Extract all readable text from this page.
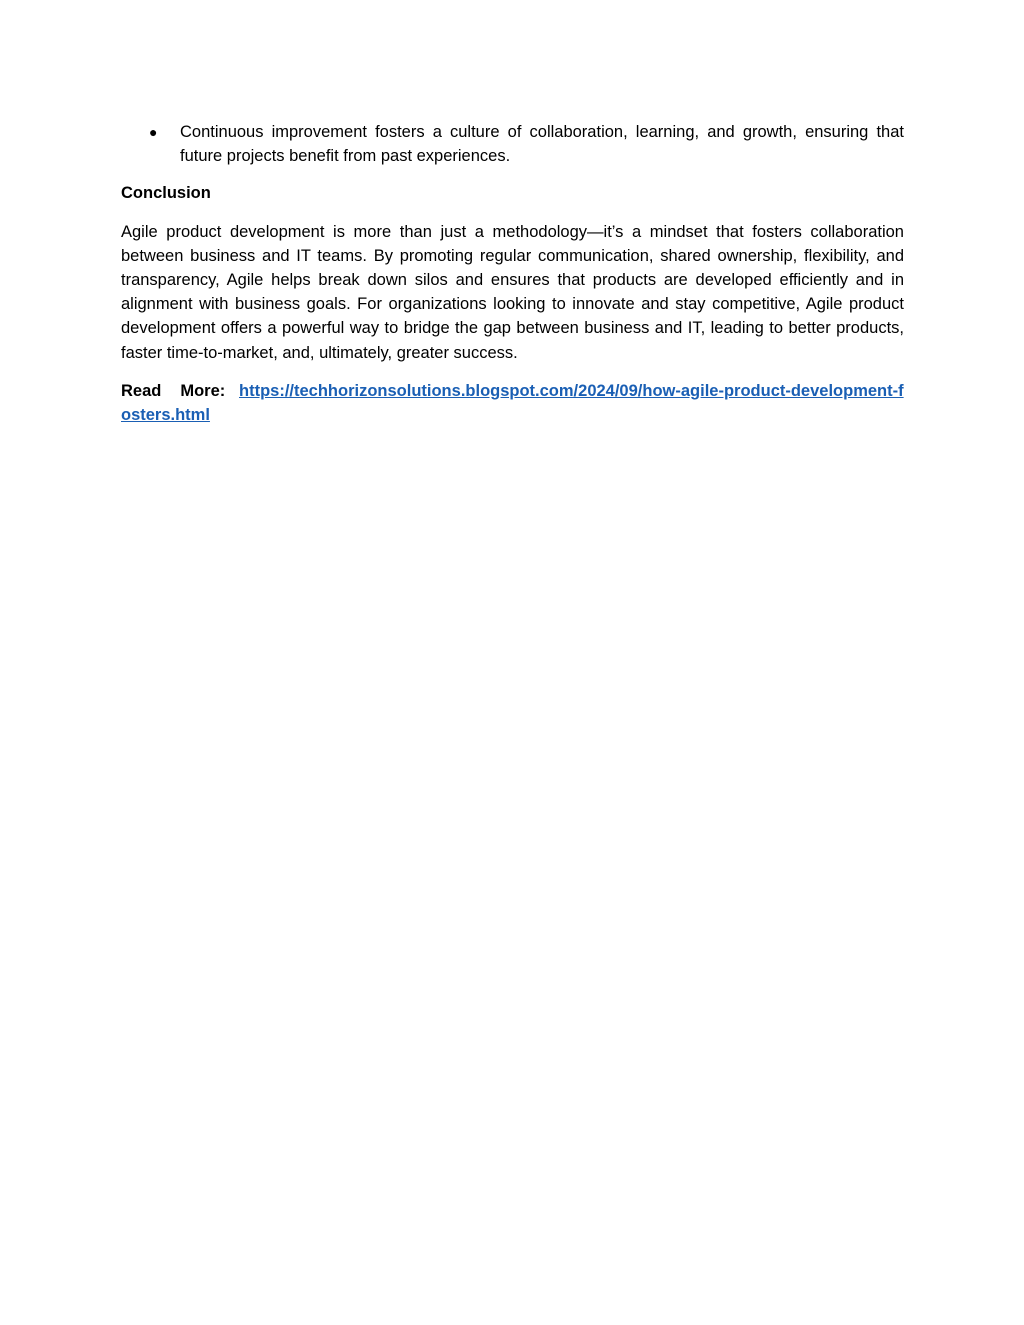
● Continuous improvement fosters a culture of collaboration, learning, and growth, ensuring that future projects benefit from past experiences.

Conclusion

Agile product development is more than just a methodology—it’s a mindset that fosters collaboration between business and IT teams. By promoting regular communication, shared ownership, flexibility, and transparency, Agile helps break down silos and ensures that products are developed efficiently and in alignment with business goals. For organizations looking to innovate and stay competitive, Agile product development offers a powerful way to bridge the gap between business and IT, leading to better products, faster time-to-market, and, ultimately, greater success.

Read More: https://techhorizonsolutions.blogspot.com/2024/09/how-agile-product-development-fosters.html
